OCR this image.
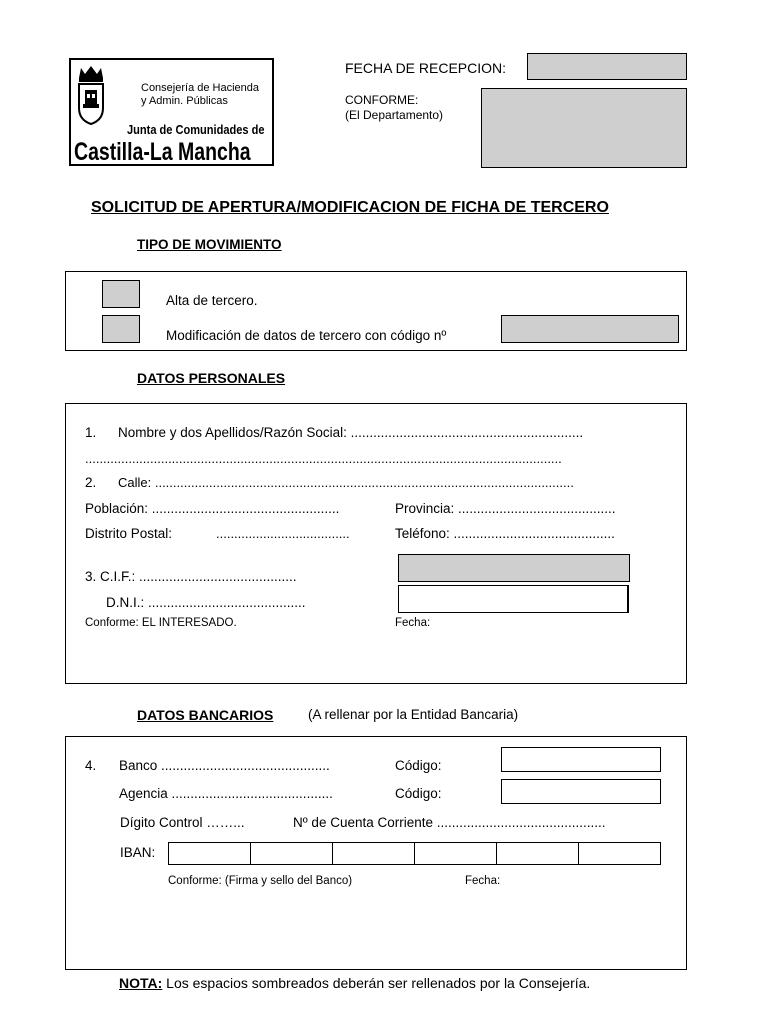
Consejería de Hacienda
y Admin. Públicas
Junta de Comunidades de
Castilla-La Mancha
FECHA DE RECEPCION:
CONFORME:
(El Departamento)
SOLICITUD DE APERTURA/MODIFICACION DE FICHA DE TERCERO
TIPO DE MOVIMIENTO
Alta de tercero.
Modificación de datos de tercero con código nº
DATOS PERSONALES
1. Nombre y dos Apellidos/Razón Social: ..............................................................
....................................................................................................................................
2. Calle: ....................................................................................................................
Población: ..................................................	Provincia: ..........................................
Distrito Postal:	.....................................	Teléfono: ...........................................
3. C.I.F.: ..........................................
D.N.I.: ..........................................
Conforme: EL INTERESADO.	Fecha:
DATOS BANCARIOS	(A rellenar por la Entidad Bancaria)
4. Banco .............................................	Código:
Agencia ...........................................	Código:
Dígito Control ……...	Nº de Cuenta Corriente .............................................
IBAN:
Conforme: (Firma y sello del Banco)	Fecha:
NOTA: Los espacios sombreados deberán ser rellenados por la Consejería.
